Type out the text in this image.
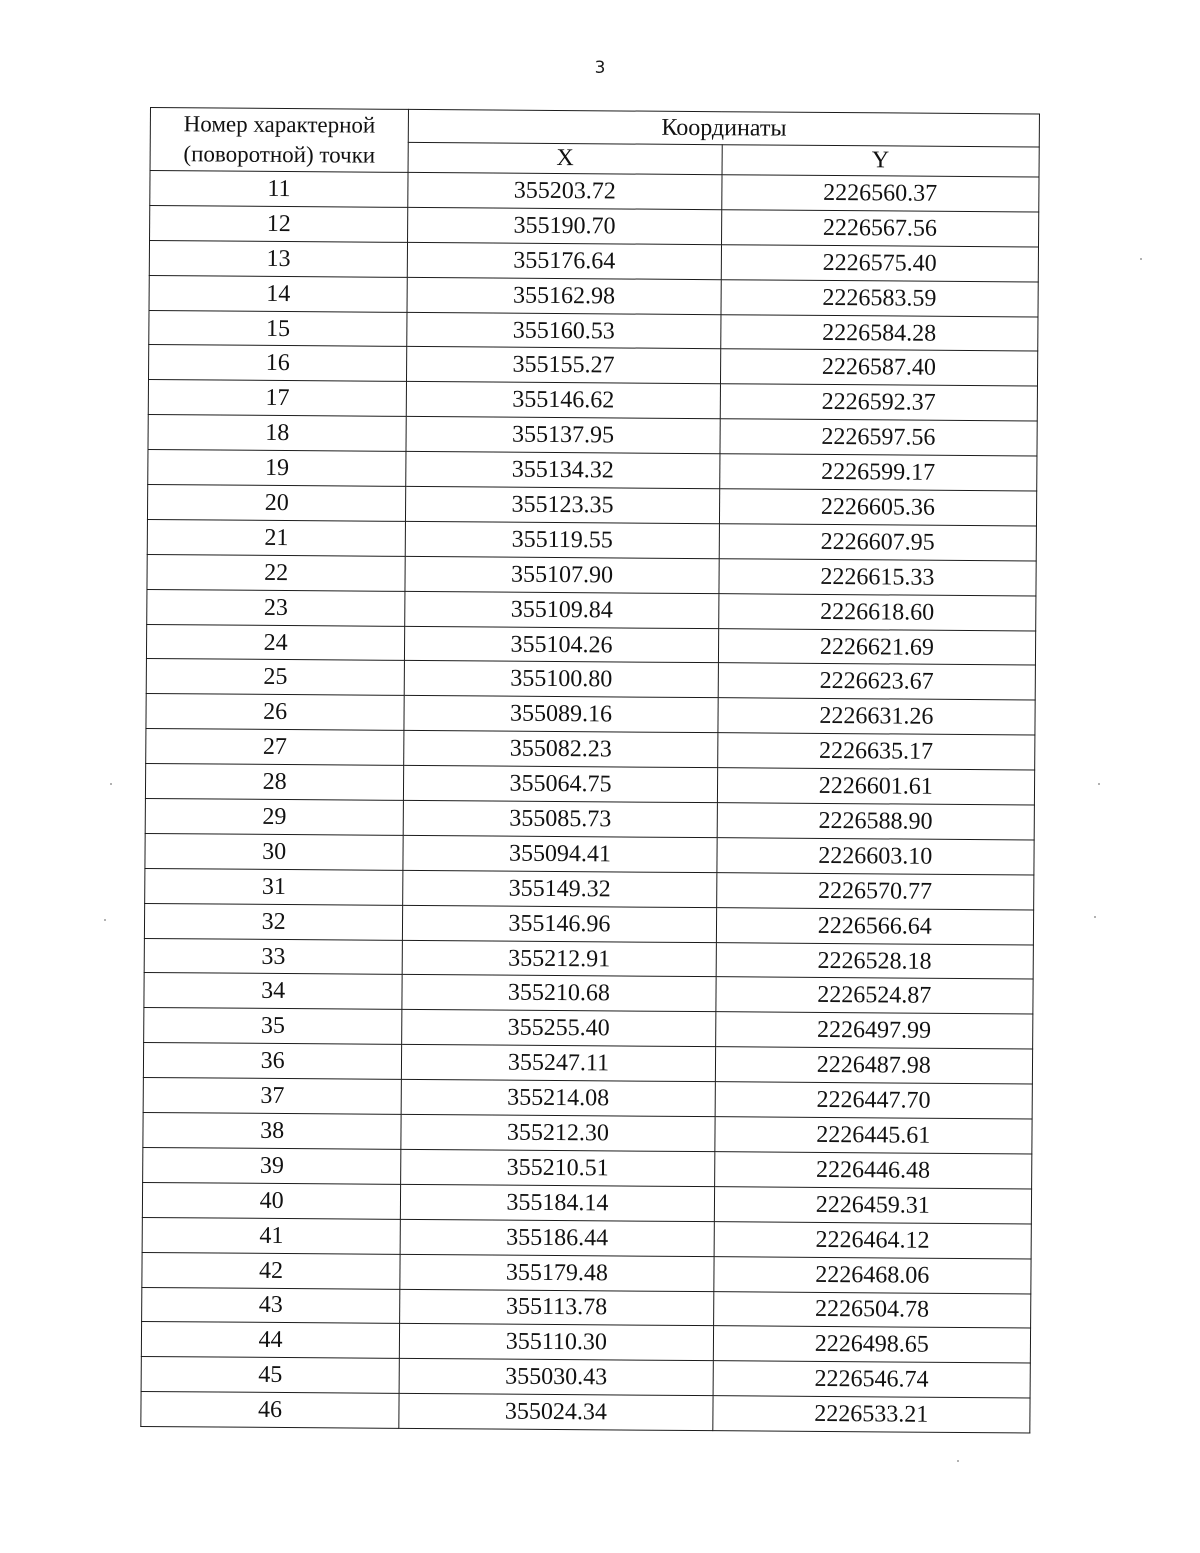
3
Номер характерной (поворотной) точки	Координаты	
	X	Y
11	355203.72	2226560.37
12	355190.70	2226567.56
13	355176.64	2226575.40
14	355162.98	2226583.59
15	355160.53	2226584.28
16	355155.27	2226587.40
17	355146.62	2226592.37
18	355137.95	2226597.56
19	355134.32	2226599.17
20	355123.35	2226605.36
21	355119.55	2226607.95
22	355107.90	2226615.33
23	355109.84	2226618.60
24	355104.26	2226621.69
25	355100.80	2226623.67
26	355089.16	2226631.26
27	355082.23	2226635.17
28	355064.75	2226601.61
29	355085.73	2226588.90
30	355094.41	2226603.10
31	355149.32	2226570.77
32	355146.96	2226566.64
33	355212.91	2226528.18
34	355210.68	2226524.87
35	355255.40	2226497.99
36	355247.11	2226487.98
37	355214.08	2226447.70
38	355212.30	2226445.61
39	355210.51	2226446.48
40	355184.14	2226459.31
41	355186.44	2226464.12
42	355179.48	2226468.06
43	355113.78	2226504.78
44	355110.30	2226498.65
45	355030.43	2226546.74
46	355024.34	2226533.21
